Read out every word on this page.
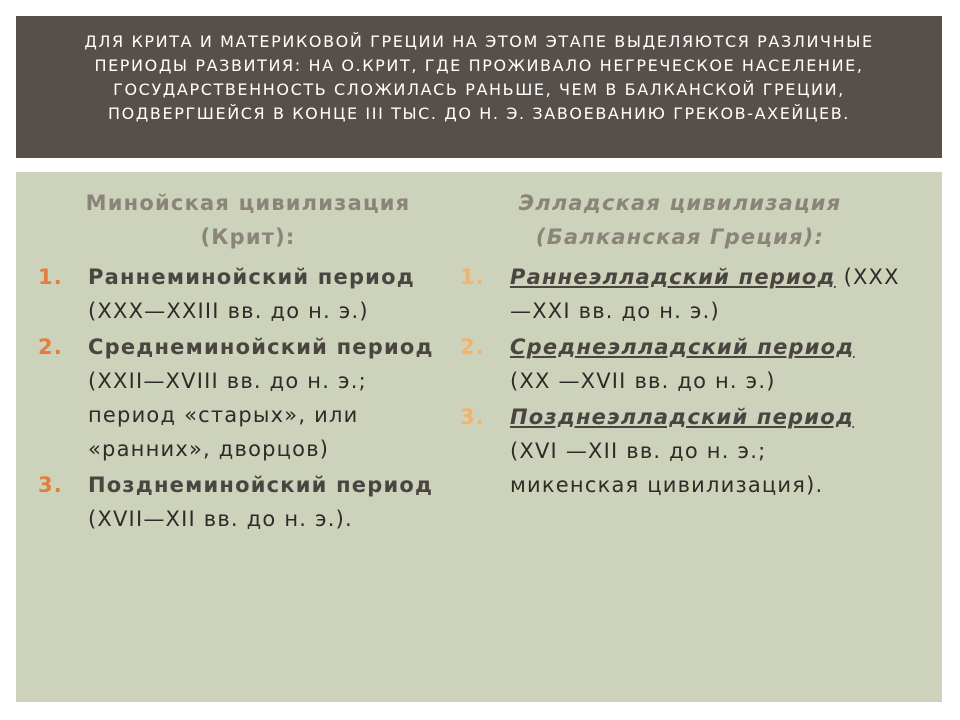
ДЛЯ КРИТА И МАТЕРИКОВОЙ ГРЕЦИИ НА ЭТОМ ЭТАПЕ ВЫДЕЛЯЮТСЯ РАЗЛИЧНЫЕ ПЕРИОДЫ РАЗВИТИЯ: НА О.КРИТ, ГДЕ ПРОЖИВАЛО НЕГРЕЧЕСКОЕ НАСЕЛЕНИЕ, ГОСУДАРСТВЕННОСТЬ СЛОЖИЛАСЬ РАНЬШЕ, ЧЕМ В БАЛКАНСКОЙ ГРЕЦИИ, ПОДВЕРГШЕЙСЯ В КОНЦЕ III ТЫС. ДО Н. Э. ЗАВОЕВАНИЮ ГРЕКОВ-АХЕЙЦЕВ.
Минойская цивилизация
(Крит):
1. Раннеминойский период (XXX—XXIII вв. до н. э.)
2. Среднеминойский период (XXII—XVIII вв. до н. э.; период «старых», или «ранних», дворцов)
3. Позднеминойский период (XVII—XII вв. до н. э.).
Элладская цивилизация
(Балканская Греция):
1. Раннеэлладский период (XXX —XXI вв. до н. э.)
2. Среднеэлладский период (XX —XVII вв. до н. э.)
3. Позднеэлладский период (XVI —XII вв. до н. э.; микенская цивилизация).
